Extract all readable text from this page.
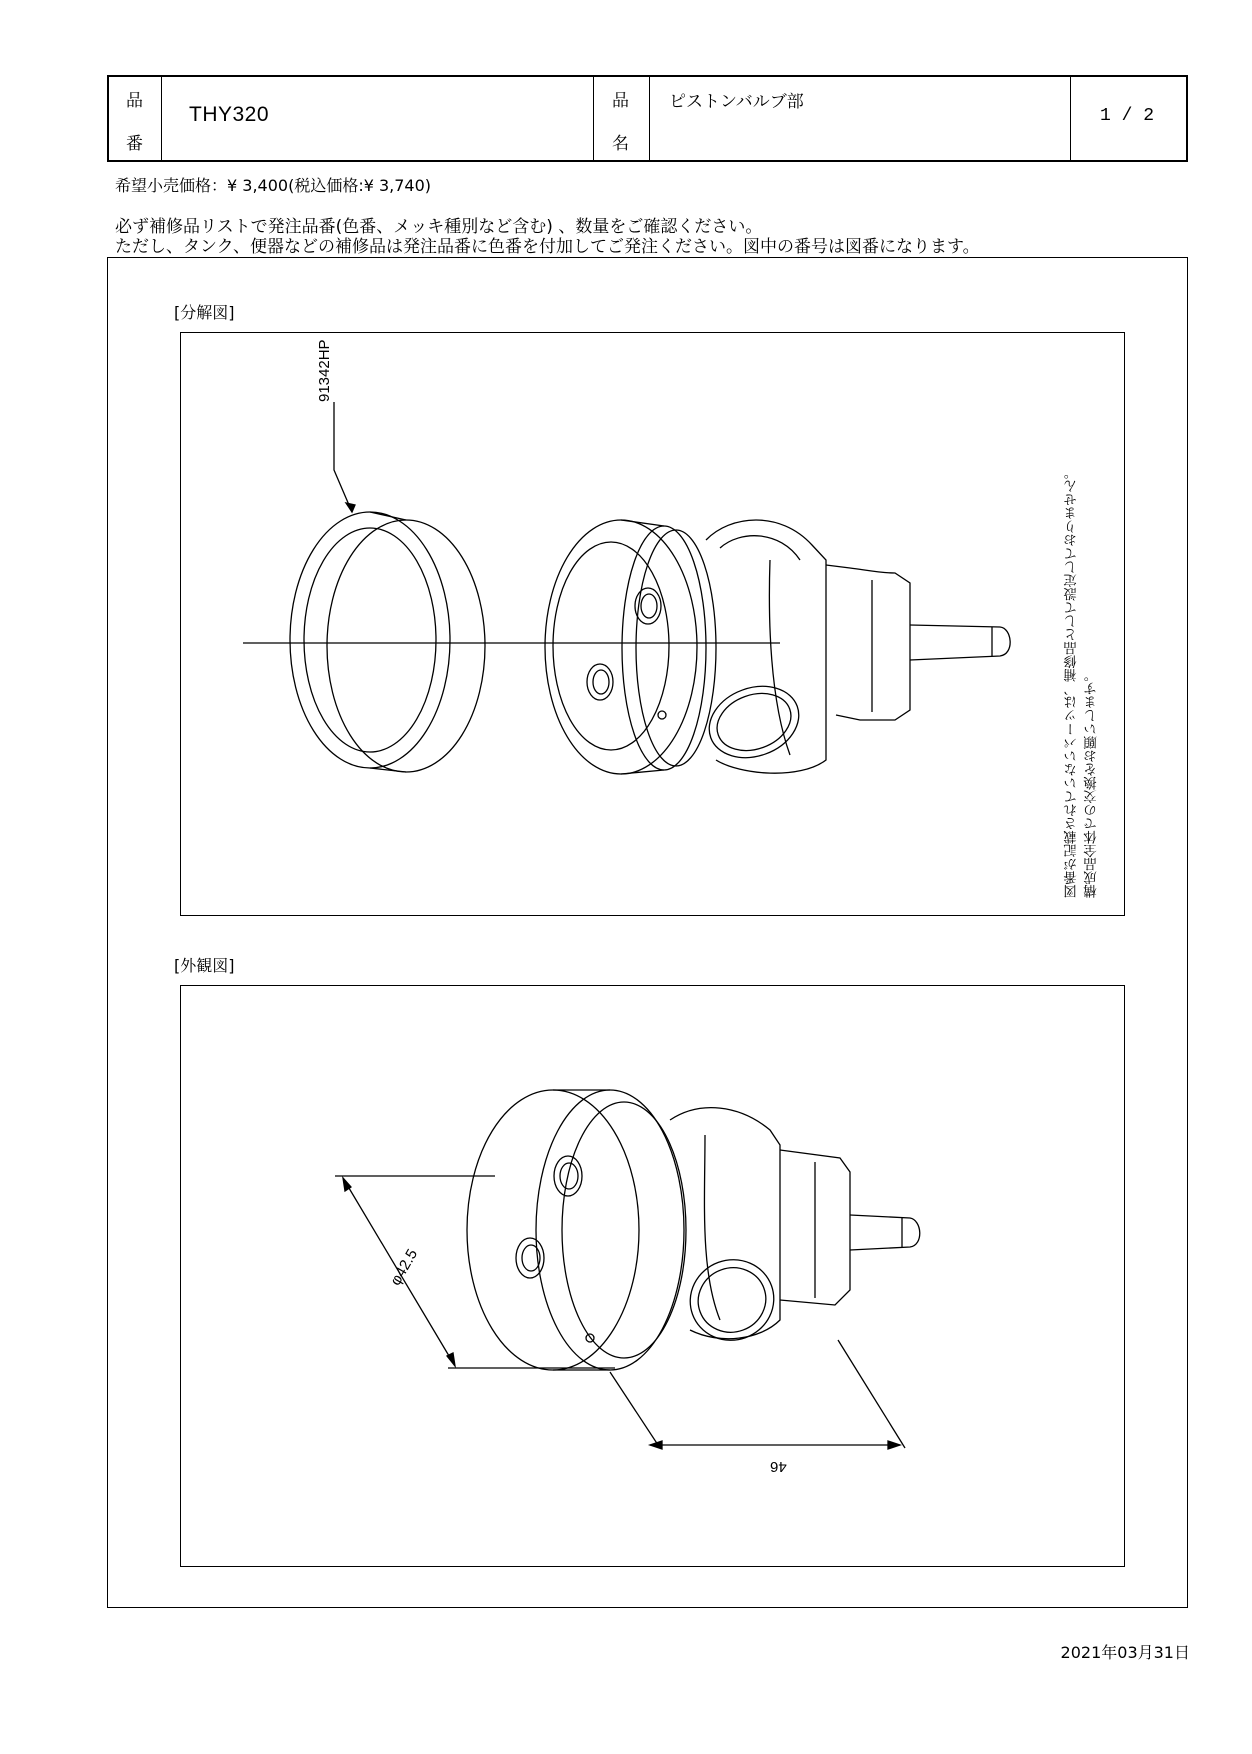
品
番
THY320
品
名
ピストンバルブ部
1 / 2
希望小売価格：¥ 3,400(税込価格:¥ 3,740)
必ず補修品リストで発注品番(色番、メッキ種別など含む) 、数量をご確認ください。
ただし、タンク、便器などの補修品は発注品番に色番を付加してご発注ください。図中の番号は図番になります。
[分解図]
[外観図]
91342HP
図番が記載されていないパーツは、補修品として設定しておりません。 構成品全体での交換をお願いします。
φ42.5
46
2021年03月31日
